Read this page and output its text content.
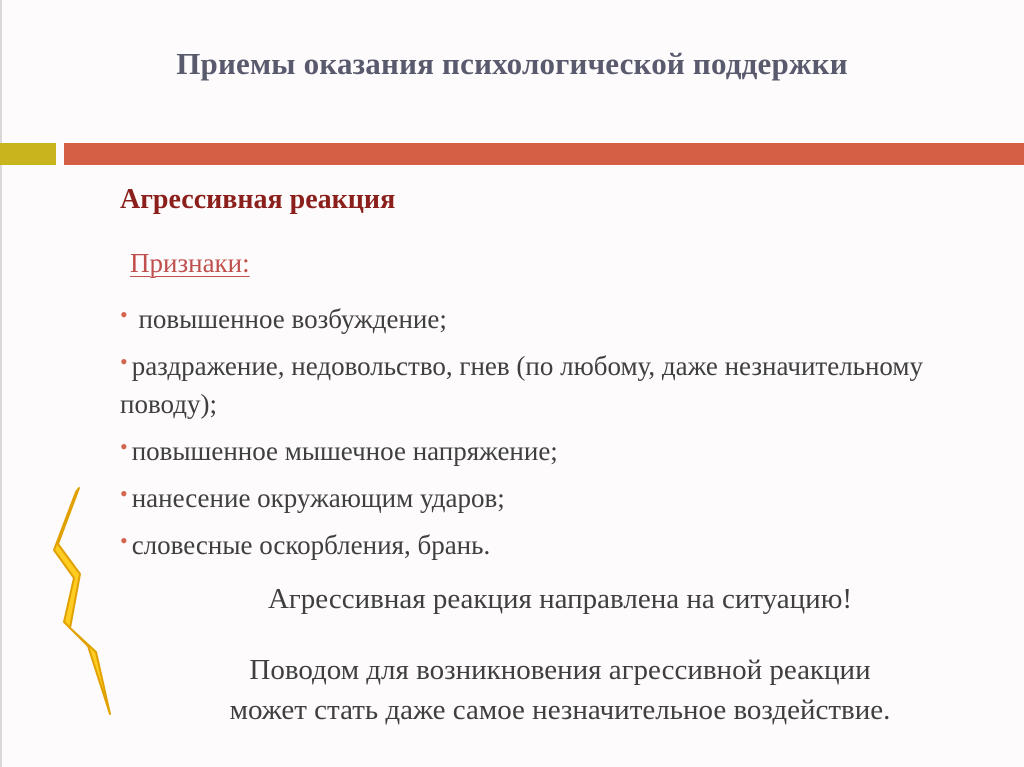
Приемы оказания психологической поддержки
Агрессивная реакция
Признаки:
• повышенное возбуждение;
• раздражение, недовольство, гнев (по любому, даже незначительному поводу);
• повышенное мышечное напряжение;
• нанесение окружающим ударов;
• словесные оскорбления, брань.
Агрессивная реакция направлена на ситуацию!
Поводом для возникновения агрессивной реакции
может стать даже самое незначительное воздействие.
